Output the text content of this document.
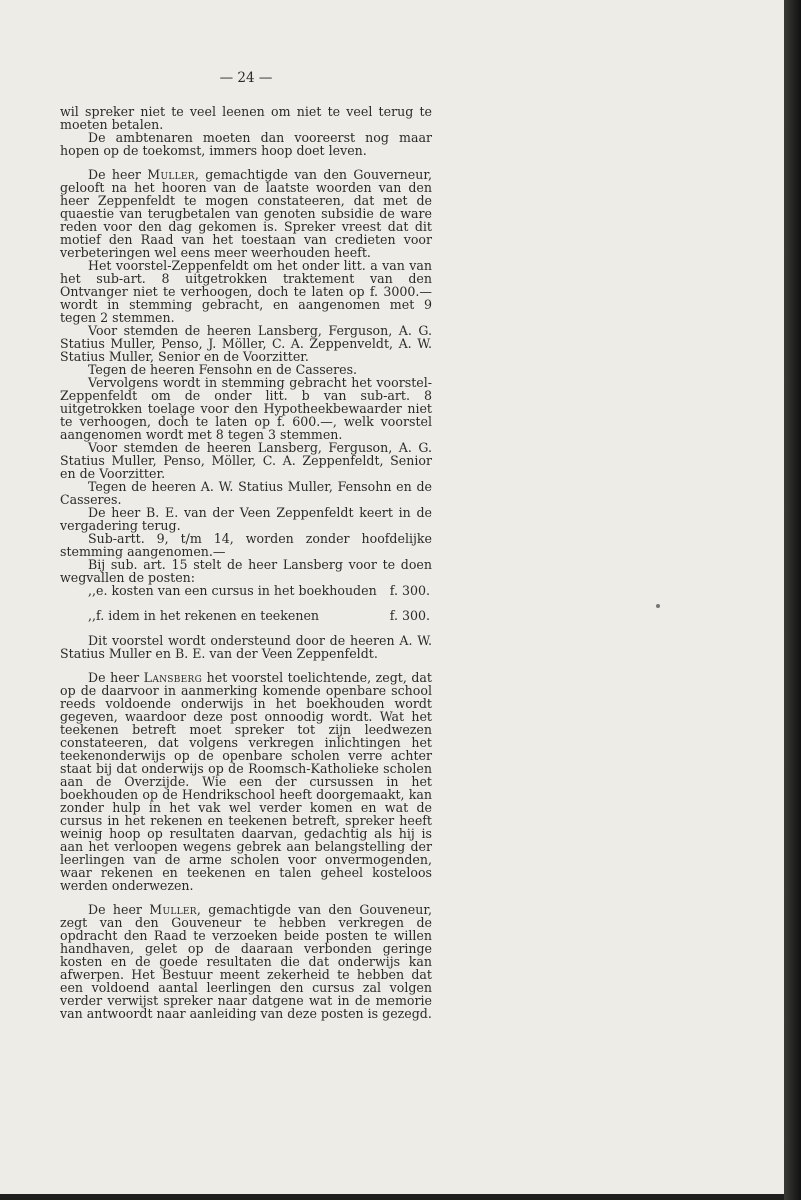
— 24 —

wil spreker niet te veel leenen om niet te veel terug te moeten betalen.

De ambtenaren moeten dan vooreerst nog maar hopen op de toekomst, immers hoop doet leven.

De heer Muller, gemachtigde van den Gouverneur, gelooft na het hooren van de laatste woorden van den heer Zeppenfeldt te mogen constateeren, dat met de quaestie van terugbetalen van genoten subsidie de ware reden voor den dag gekomen is. Spreker vreest dat dit motief den Raad van het toestaan van credieten voor verbeteringen wel eens meer weerhouden heeft.

Het voorstel-Zeppenfeldt om het onder litt. a van van het sub-art. 8 uitgetrokken traktement van den Ontvanger niet te verhoogen, doch te laten op f. 3000.— wordt in stemming gebracht, en aangenomen met 9 tegen 2 stemmen.

Voor stemden de heeren Lansberg, Ferguson, A. G. Statius Muller, Penso, J. Möller, C. A. Zeppenveldt, A. W. Statius Muller, Senior en de Voorzitter.

Tegen de heeren Fensohn en de Casseres.

Vervolgens wordt in stemming gebracht het voorstel-Zeppenfeldt om de onder litt. b van sub-art. 8 uitgetrokken toelage voor den Hypotheekbewaarder niet te verhoogen, doch te laten op f. 600.—, welk voorstel aangenomen wordt met 8 tegen 3 stemmen.

Voor stemden de heeren Lansberg, Ferguson, A. G. Statius Muller, Penso, Möller, C. A. Zeppenfeldt, Senior en de Voorzitter.

Tegen de heeren A. W. Statius Muller, Fensohn en de Casseres.

De heer B. E. van der Veen Zeppenfeldt keert in de vergadering terug.

Sub-artt. 9, t/m 14, worden zonder hoofdelijke stemming aangenomen.—

Bij sub. art. 15 stelt de heer Lansberg voor te doen wegvallen de posten:

,,e. kosten van een cursus in het boekhouden f. 300.
,,f. idem in het rekenen en teekenen	f. 300.

Dit voorstel wordt ondersteund door de heeren A. W. Statius Muller en B. E. van der Veen Zeppenfeldt.

De heer Lansberg het voorstel toelichtende, zegt, dat op de daarvoor in aanmerking komende openbare school reeds voldoende onderwijs in het boekhouden wordt gegeven, waardoor deze post onnoodig wordt. Wat het teekenen betreft moet spreker tot zijn leedwezen constateeren, dat volgens verkregen inlichtingen het teekenonderwijs op de openbare scholen verre achter staat bij dat onderwijs op de Roomsch-Katholieke scholen aan de Overzijde. Wie een der cursussen in het boekhouden op de Hendrikschool heeft doorgemaakt, kan zonder hulp in het vak wel verder komen en wat de cursus in het rekenen en teekenen betreft, spreker heeft weinig hoop op resultaten daarvan, gedachtig als hij is aan het verloopen wegens gebrek aan belangstelling der leerlingen van de arme scholen voor onvermogenden, waar rekenen en teekenen en talen geheel kosteloos werden onderwezen.

De heer Muller, gemachtigde van den Gouveneur, zegt van den Gouveneur te hebben verkregen de opdracht den Raad te verzoeken beide posten te willen handhaven, gelet op de daaraan verbonden geringe kosten en de goede resultaten die dat onderwijs kan afwerpen. Het Bestuur meent zekerheid te hebben dat een voldoend aantal leerlingen den cursus zal volgen verder verwijst spreker naar datgene wat in de memorie van antwoordt naar aanleiding van deze posten is gezegd.
